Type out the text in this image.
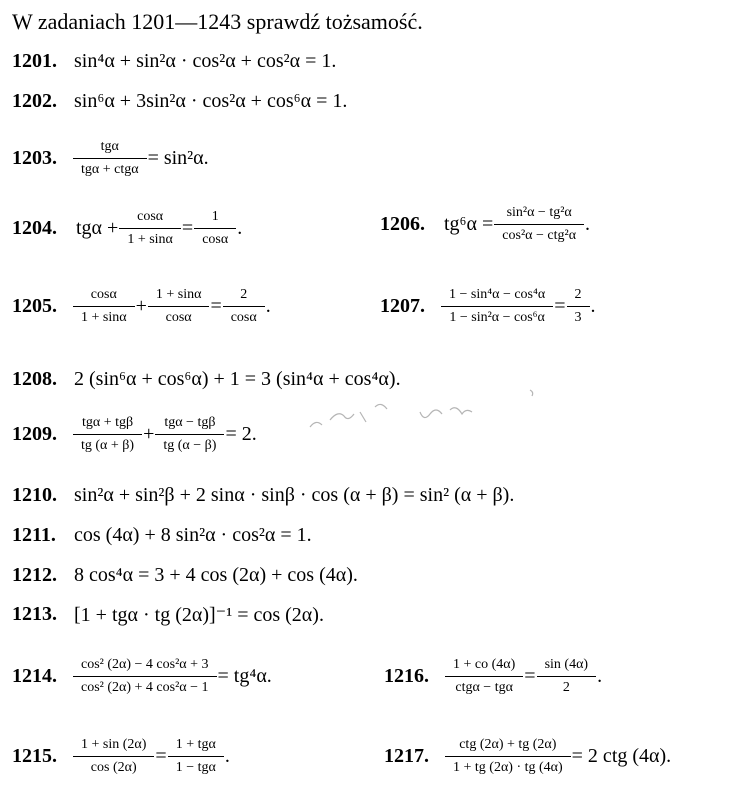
W zadaniach 1201—1243 sprawdź tożsamość.
1201. sin⁴α + sin²α · cos²α + cos²α = 1.
1202. sin⁶α + 3sin²α · cos²α + cos⁶α = 1.
1203.	$\frac{\text{tgα}}{\text{tgα + ctgα}} = \sin^2\alpha$.
1204. $tg\alpha + \frac{\cos\alpha}{1 + \sin\alpha} = \frac{1}{\cos\alpha}$ .	1206. $tg^6\alpha = \frac{\text{sin²α − tg²α}}{\text{cos²α − ctg²α}}$ .
1205.	$\frac{\cos\alpha}{1 + \sin\alpha} + \frac{1 + \sin\alpha}{\cos\alpha} = \frac{2}{\cos\alpha}$ .	1207.	$\frac{\text{1 − sin⁴α − cos⁴α}}{\text{1 − sin²α − cos⁶α}} = \frac{2}{3}$ .
1208. 2 (sin⁶α + cos⁶α) + 1 = 3 (sin⁴α + cos⁴α).
1209.	$\frac{\text{tgα + tgβ}}{tg (\alpha + \beta)} + \frac{\text{tgα − tgβ}}{tg (\alpha - \beta)} = 2$.
1210. sin²α + sin²β + 2 sinα · sinβ · cos (α + β) = sin² (α + β).
1211. cos (4α) + 8 sin²α · cos²α = 1.
1212. 8 cos⁴α = 3 + 4 cos (2α) + cos (4α).
1213. [1 + tgα · tg (2α)]⁻¹ = cos (2α).
1214.	$\frac{\text{cos² (2α) − 4 cos²α + 3}}{\text{cos² (2α) + 4 cos²α − 1}} = tg^4\alpha$.	1216.	$\frac{1 + co (4\alpha)}{\text{ctgα − tgα}} = \frac{\sin (4\alpha)}{2}$ .
1215.	$\frac{1 + \sin (2\alpha)}{\cos (2\alpha)} = \frac{\text{1 + tgα}}{\text{1 − tgα}}$ .	1217.	$\frac{\text{ctg (2α) + tg (2α)}}{1 + tg (2\alpha) \cdot tg (4\alpha)} = 2$ ctg (4α).
